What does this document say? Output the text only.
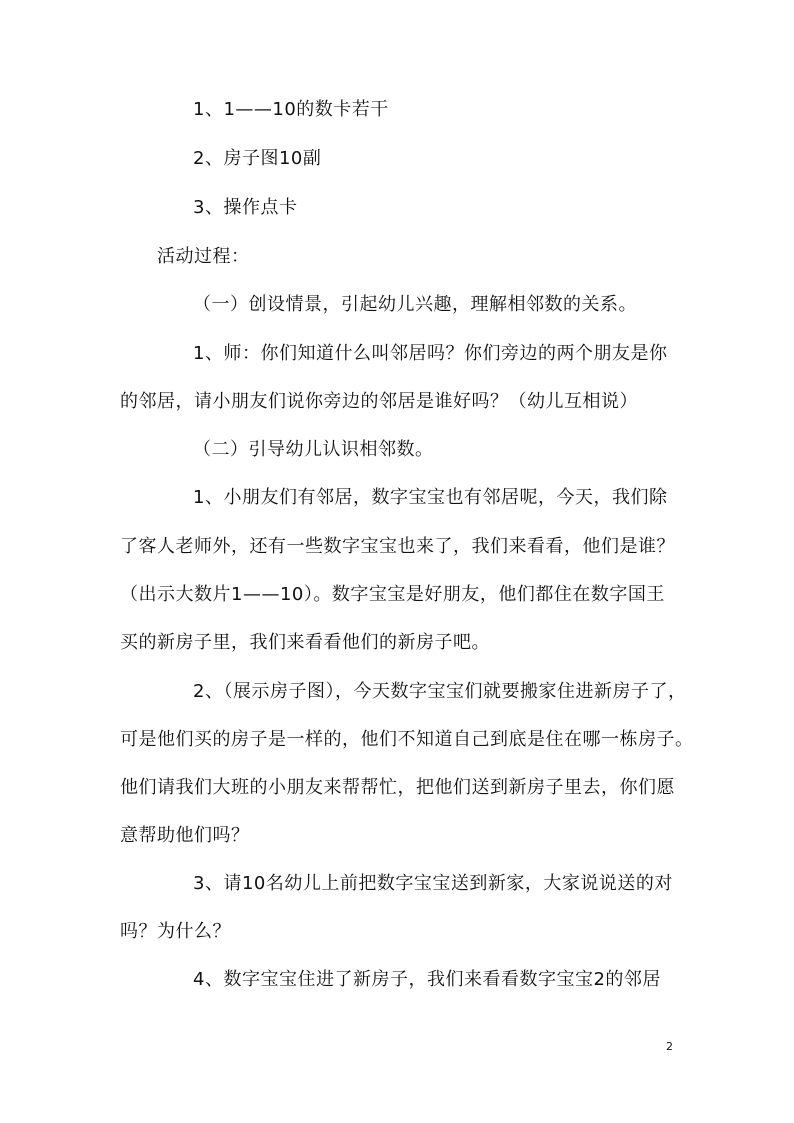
1、1——10的数卡若干
2、房子图10副
3、操作点卡
活动过程：
（一）创设情景，引起幼儿兴趣，理解相邻数的关系。
1、师：你们知道什么叫邻居吗？你们旁边的两个朋友是你
的邻居，请小朋友们说你旁边的邻居是谁好吗？（幼儿互相说）
（二）引导幼儿认识相邻数。
1、小朋友们有邻居，数字宝宝也有邻居呢，今天，我们除
了客人老师外，还有一些数字宝宝也来了，我们来看看，他们是谁？
（出示大数片1——10）。数字宝宝是好朋友，他们都住在数字国王
买的新房子里，我们来看看他们的新房子吧。
2、（展示房子图），今天数字宝宝们就要搬家住进新房子了，
可是他们买的房子是一样的，他们不知道自己到底是住在哪一栋房子。
他们请我们大班的小朋友来帮帮忙，把他们送到新房子里去，你们愿
意帮助他们吗？
3、请10名幼儿上前把数字宝宝送到新家，大家说说送的对
吗？为什么？
4、数字宝宝住进了新房子，我们来看看数字宝宝2的邻居
2
